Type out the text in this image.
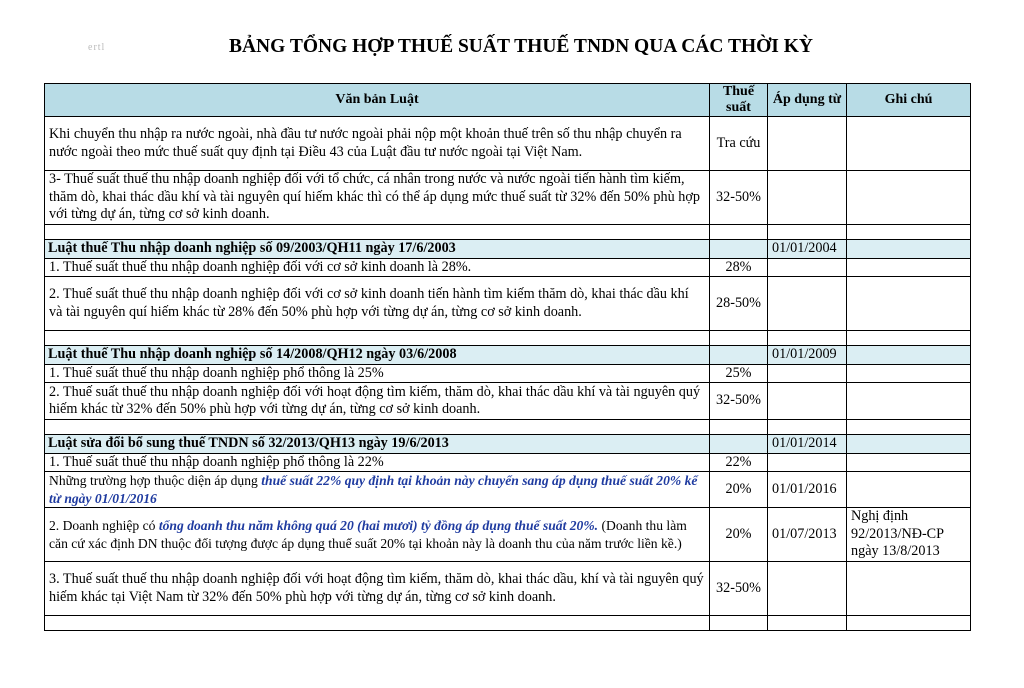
ertl	BẢNG TỔNG HỢP THUẾ SUẤT THUẾ TNDN QUA CÁC THỜI KỲ
Văn bản Luật	Thuế suất	Áp dụng từ	Ghi chú
Khi chuyển thu nhập ra nước ngoài, nhà đầu tư nước ngoài phải nộp một khoản thuế trên số thu nhập chuyển ra nước ngoài theo mức thuế suất quy định tại Điều 43 của Luật đầu tư nước ngoài tại Việt Nam.	Tra cứu		
3- Thuế suất thuế thu nhập doanh nghiệp đối với tổ chức, cá nhân trong nước và nước ngoài tiến hành tìm kiếm, thăm dò, khai thác dầu khí và tài nguyên quí hiếm khác thì có thể áp dụng mức thuế suất từ 32% đến 50% phù hợp với từng dự án, từng cơ sở kinh doanh.	32-50%		

Luật thuế Thu nhập doanh nghiệp số 09/2003/QH11 ngày 17/6/2003		01/01/2004	
1. Thuế suất thuế thu nhập doanh nghiệp đối với cơ sở kinh doanh là 28%.	28%		
2. Thuế suất thuế thu nhập doanh nghiệp đối với cơ sở kinh doanh tiến hành tìm kiếm thăm dò, khai thác dầu khí và tài nguyên quí hiếm khác từ 28% đến 50% phù hợp với từng dự án, từng cơ sở kinh doanh.	28-50%		

Luật thuế Thu nhập doanh nghiệp số 14/2008/QH12 ngày 03/6/2008		01/01/2009	
1. Thuế suất thuế thu nhập doanh nghiệp phổ thông là 25%	25%		
2. Thuế suất thuế thu nhập doanh nghiệp đối với hoạt động tìm kiếm, thăm dò, khai thác dầu khí và tài nguyên quý hiếm khác từ 32% đến 50% phù hợp với từng dự án, từng cơ sở kinh doanh.	32-50%		

Luật sửa đổi bổ sung thuế TNDN số 32/2013/QH13 ngày 19/6/2013		01/01/2014	
1. Thuế suất thuế thu nhập doanh nghiệp phổ thông là 22%	22%		
Những trường hợp thuộc diện áp dụng thuế suất 22% quy định tại khoản này chuyển sang áp dụng thuế suất 20% kể từ ngày 01/01/2016	20%	01/01/2016	
2. Doanh nghiệp có tổng doanh thu năm không quá 20 (hai mươi) tỷ đồng áp dụng thuế suất 20%. (Doanh thu làm căn cứ xác định DN thuộc đối tượng được áp dụng thuế suất 20% tại khoản này là doanh thu của năm trước liền kề.)	20%	01/07/2013	Nghị định 92/2013/NĐ-CP ngày 13/8/2013
3. Thuế suất thuế thu nhập doanh nghiệp đối với hoạt động tìm kiếm, thăm dò, khai thác dầu, khí và tài nguyên quý hiếm khác tại Việt Nam từ 32% đến 50% phù hợp với từng dự án, từng cơ sở kinh doanh.	32-50%		
